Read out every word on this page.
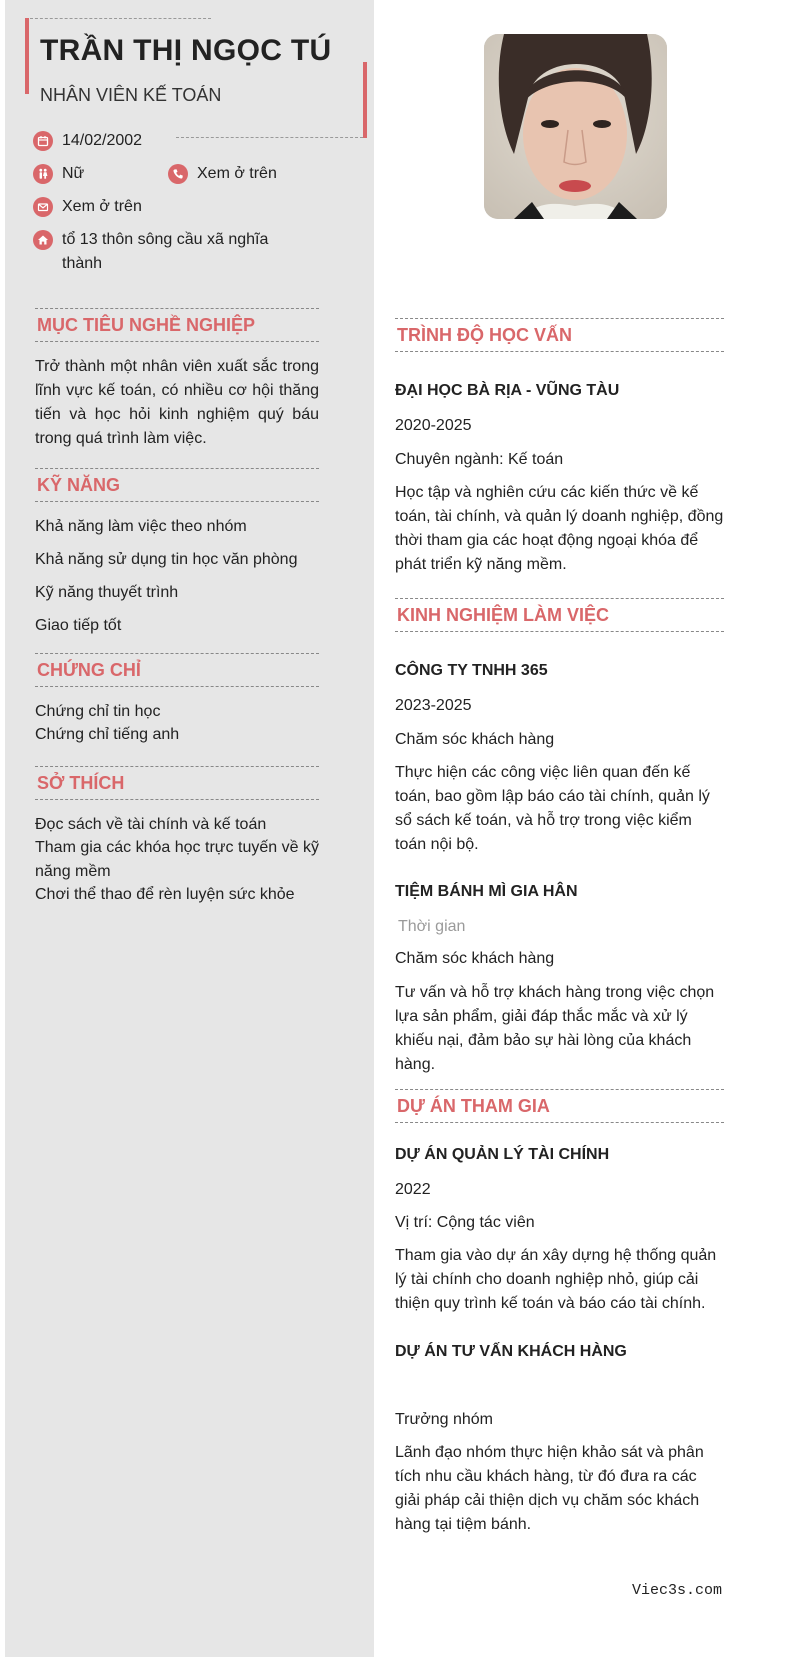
TRẦN THỊ NGỌC TÚ
NHÂN VIÊN KẾ TOÁN
14/02/2002
Nữ	Xem ở trên
Xem ở trên
tổ 13 thôn sông cầu xã nghĩa thành
MỤC TIÊU NGHỀ NGHIỆP
Trở thành một nhân viên xuất sắc trong lĩnh vực kế toán, có nhiều cơ hội thăng tiến và học hỏi kinh nghiệm quý báu trong quá trình làm việc.
KỸ NĂNG
Khả năng làm việc theo nhóm
Khả năng sử dụng tin học văn phòng
Kỹ năng thuyết trình
Giao tiếp tốt
CHỨNG CHỈ
Chứng chỉ tin học
Chứng chỉ tiếng anh
SỞ THÍCH
Đọc sách về tài chính và kế toán
Tham gia các khóa học trực tuyến về kỹ năng mềm
Chơi thể thao để rèn luyện sức khỏe
TRÌNH ĐỘ HỌC VẤN
ĐẠI HỌC BÀ RỊA - VŨNG TÀU
2020-2025
Chuyên ngành: Kế toán
Học tập và nghiên cứu các kiến thức về kế toán, tài chính, và quản lý doanh nghiệp, đồng thời tham gia các hoạt động ngoại khóa để phát triển kỹ năng mềm.
KINH NGHIỆM LÀM VIỆC
CÔNG TY TNHH 365
2023-2025
Chăm sóc khách hàng
Thực hiện các công việc liên quan đến kế toán, bao gồm lập báo cáo tài chính, quản lý sổ sách kế toán, và hỗ trợ trong việc kiểm toán nội bộ.
TIỆM BÁNH MÌ GIA HÂN
Thời gian
Chăm sóc khách hàng
Tư vấn và hỗ trợ khách hàng trong việc chọn lựa sản phẩm, giải đáp thắc mắc và xử lý khiếu nại, đảm bảo sự hài lòng của khách hàng.
DỰ ÁN THAM GIA
DỰ ÁN QUẢN LÝ TÀI CHÍNH
2022
Vị trí: Cộng tác viên
Tham gia vào dự án xây dựng hệ thống quản lý tài chính cho doanh nghiệp nhỏ, giúp cải thiện quy trình kế toán và báo cáo tài chính.
DỰ ÁN TƯ VẤN KHÁCH HÀNG
Trưởng nhóm
Lãnh đạo nhóm thực hiện khảo sát và phân tích nhu cầu khách hàng, từ đó đưa ra các giải pháp cải thiện dịch vụ chăm sóc khách hàng tại tiệm bánh.
Viec3s.com
